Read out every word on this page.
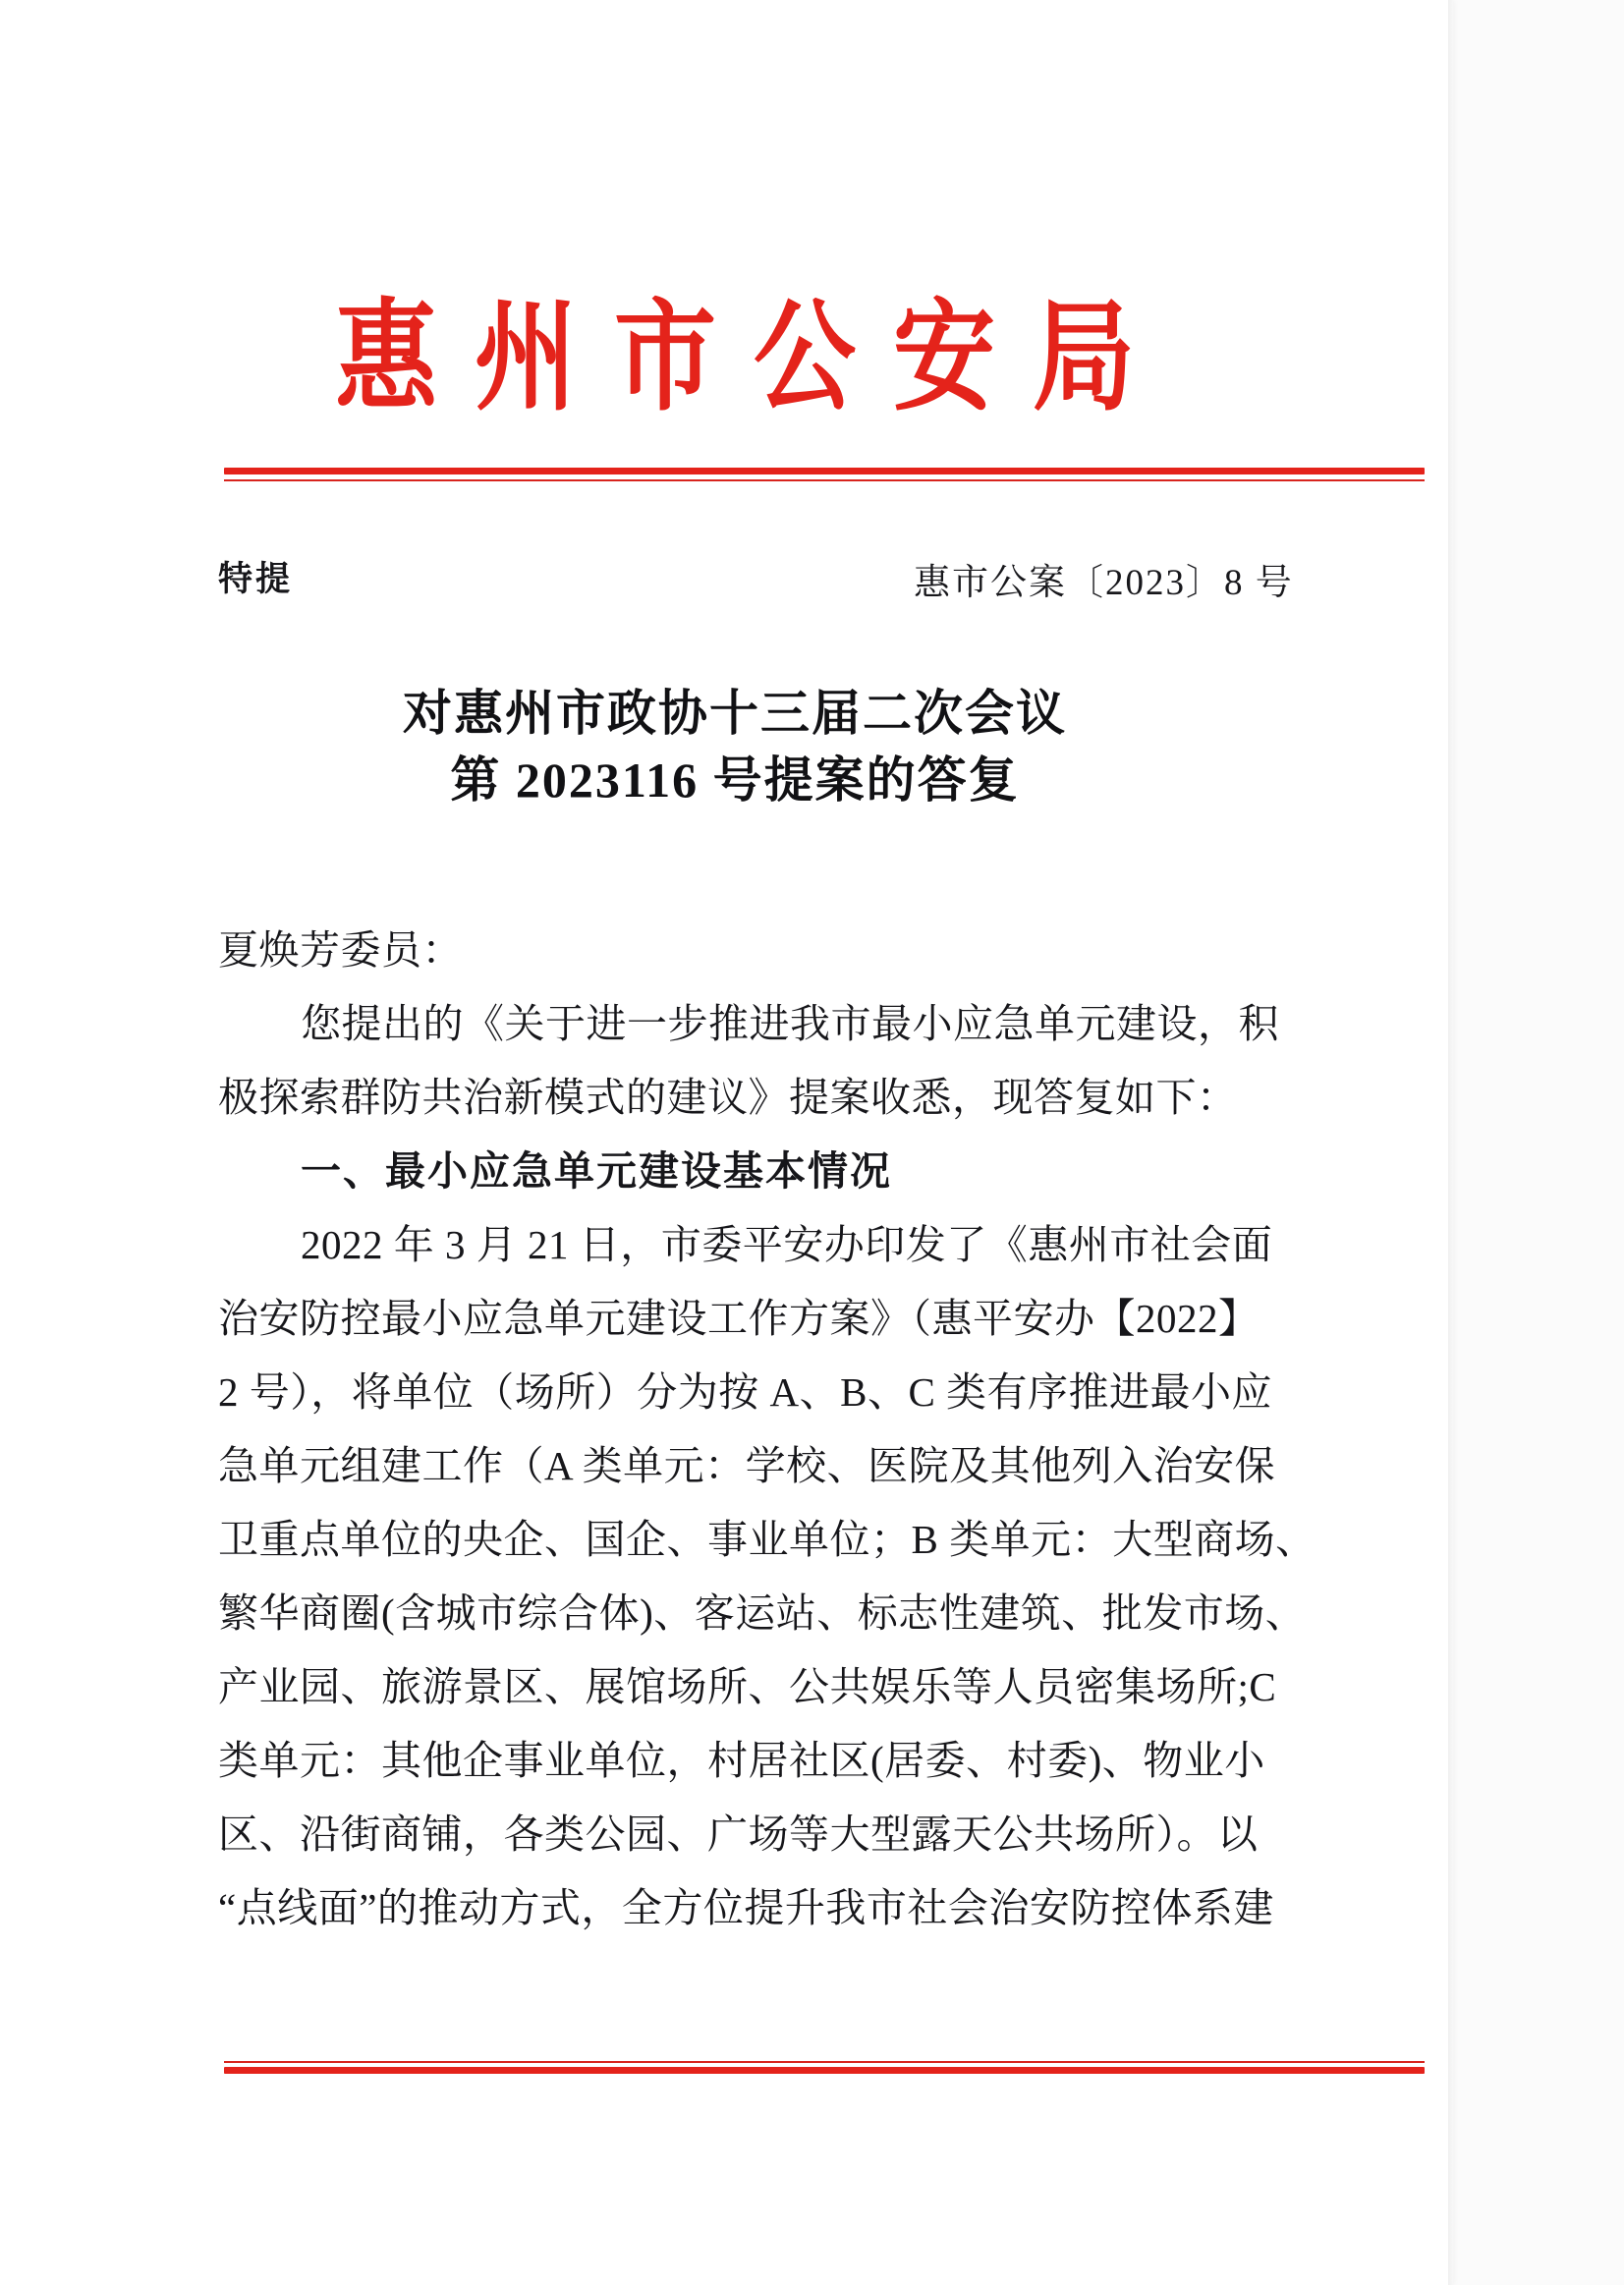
惠州市公安局
特提	惠市公案〔2023〕8 号
对惠州市政协十三届二次会议
第 2023116 号提案的答复
夏焕芳委员：
您提出的《关于进一步推进我市最小应急单元建设，积
极探索群防共治新模式的建议》提案收悉，现答复如下：
一、最小应急单元建设基本情况
2022 年 3 月 21 日，市委平安办印发了《惠州市社会面
治安防控最小应急单元建设工作方案》（惠平安办【2022】
2 号），将单位（场所）分为按 A、B、C 类有序推进最小应
急单元组建工作（A 类单元：学校、医院及其他列入治安保
卫重点单位的央企、国企、事业单位；B 类单元：大型商场、
繁华商圈(含城市综合体)、客运站、标志性建筑、批发市场、
产业园、旅游景区、展馆场所、公共娱乐等人员密集场所;C
类单元：其他企事业单位，村居社区(居委、村委)、物业小
区、沿街商铺，各类公园、广场等大型露天公共场所）。以
“点线面”的推动方式，全方位提升我市社会治安防控体系建
